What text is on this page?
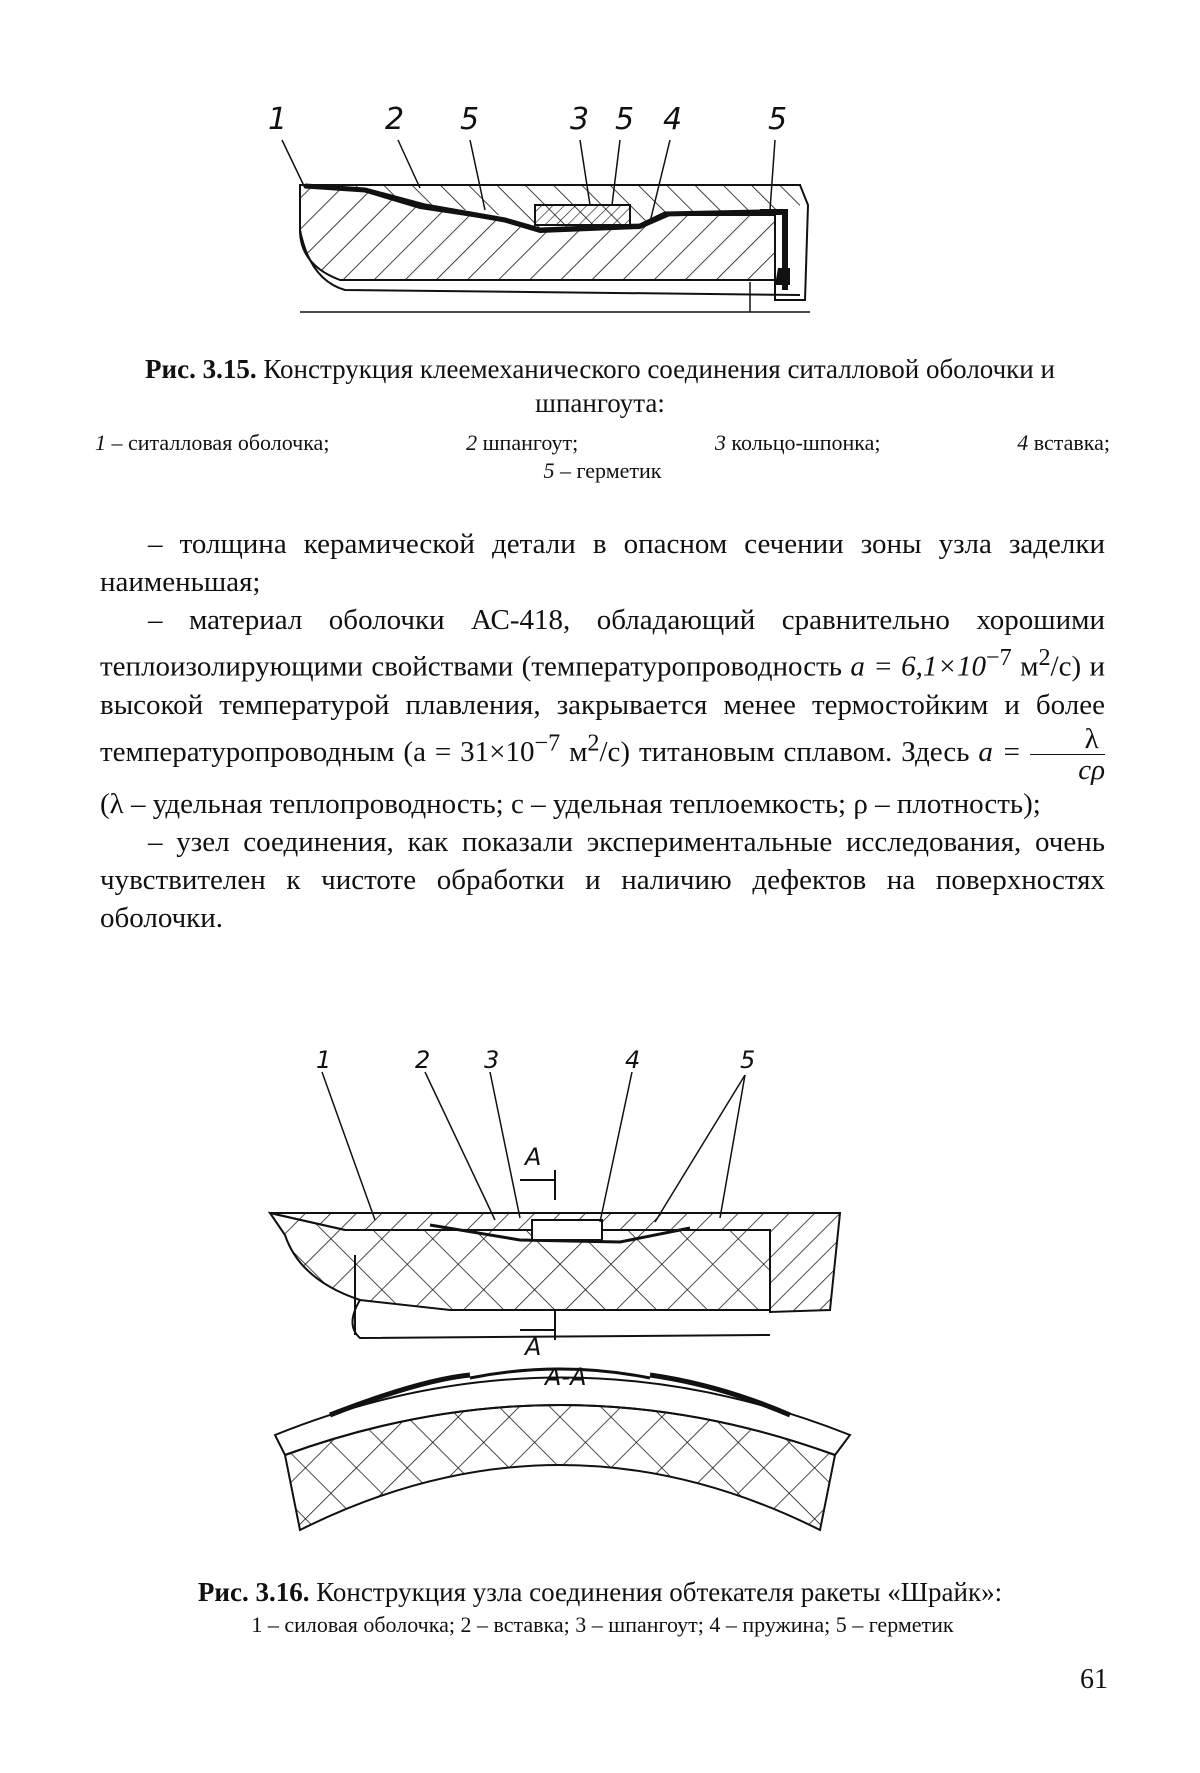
1	2 5	3 5 4	5
Рис. 3.15. Конструкция клеемеханического соединения ситалловой оболочки и шпангоута:
1 – ситалловая оболочка;	2 шпангоут;	3 кольцо-шпонка;	4 вставка;
5 – герметик

– толщина керамической детали в опасном сечении зоны узла заделки наименьшая;

– материал оболочки АС-418, обладающий сравнительно хорошими теплоизолирующими свойствами (температуропроводность a = 6,1×10−7 м2/с) и высокой температурой плавления, закрывается менее термостойким и более температуропроводным (a = 31×10−7 м2/с) титановым сплавом. Здесь a =	λ
cρ
(λ – удельная теплопроводность; c – удельная теплоемкость; ρ – плотность);

– узел соединения, как показали экспериментальные исследования, очень чувствителен к чистоте обработки и наличию дефектов на поверхностях оболочки.

1	2 3	4	5
А
А
А-А
Рис. 3.16. Конструкция узла соединения обтекателя ракеты «Шрайк»:
1 – силовая оболочка; 2 – вставка; 3 – шпангоут; 4 – пружина; 5 – герметик
61
